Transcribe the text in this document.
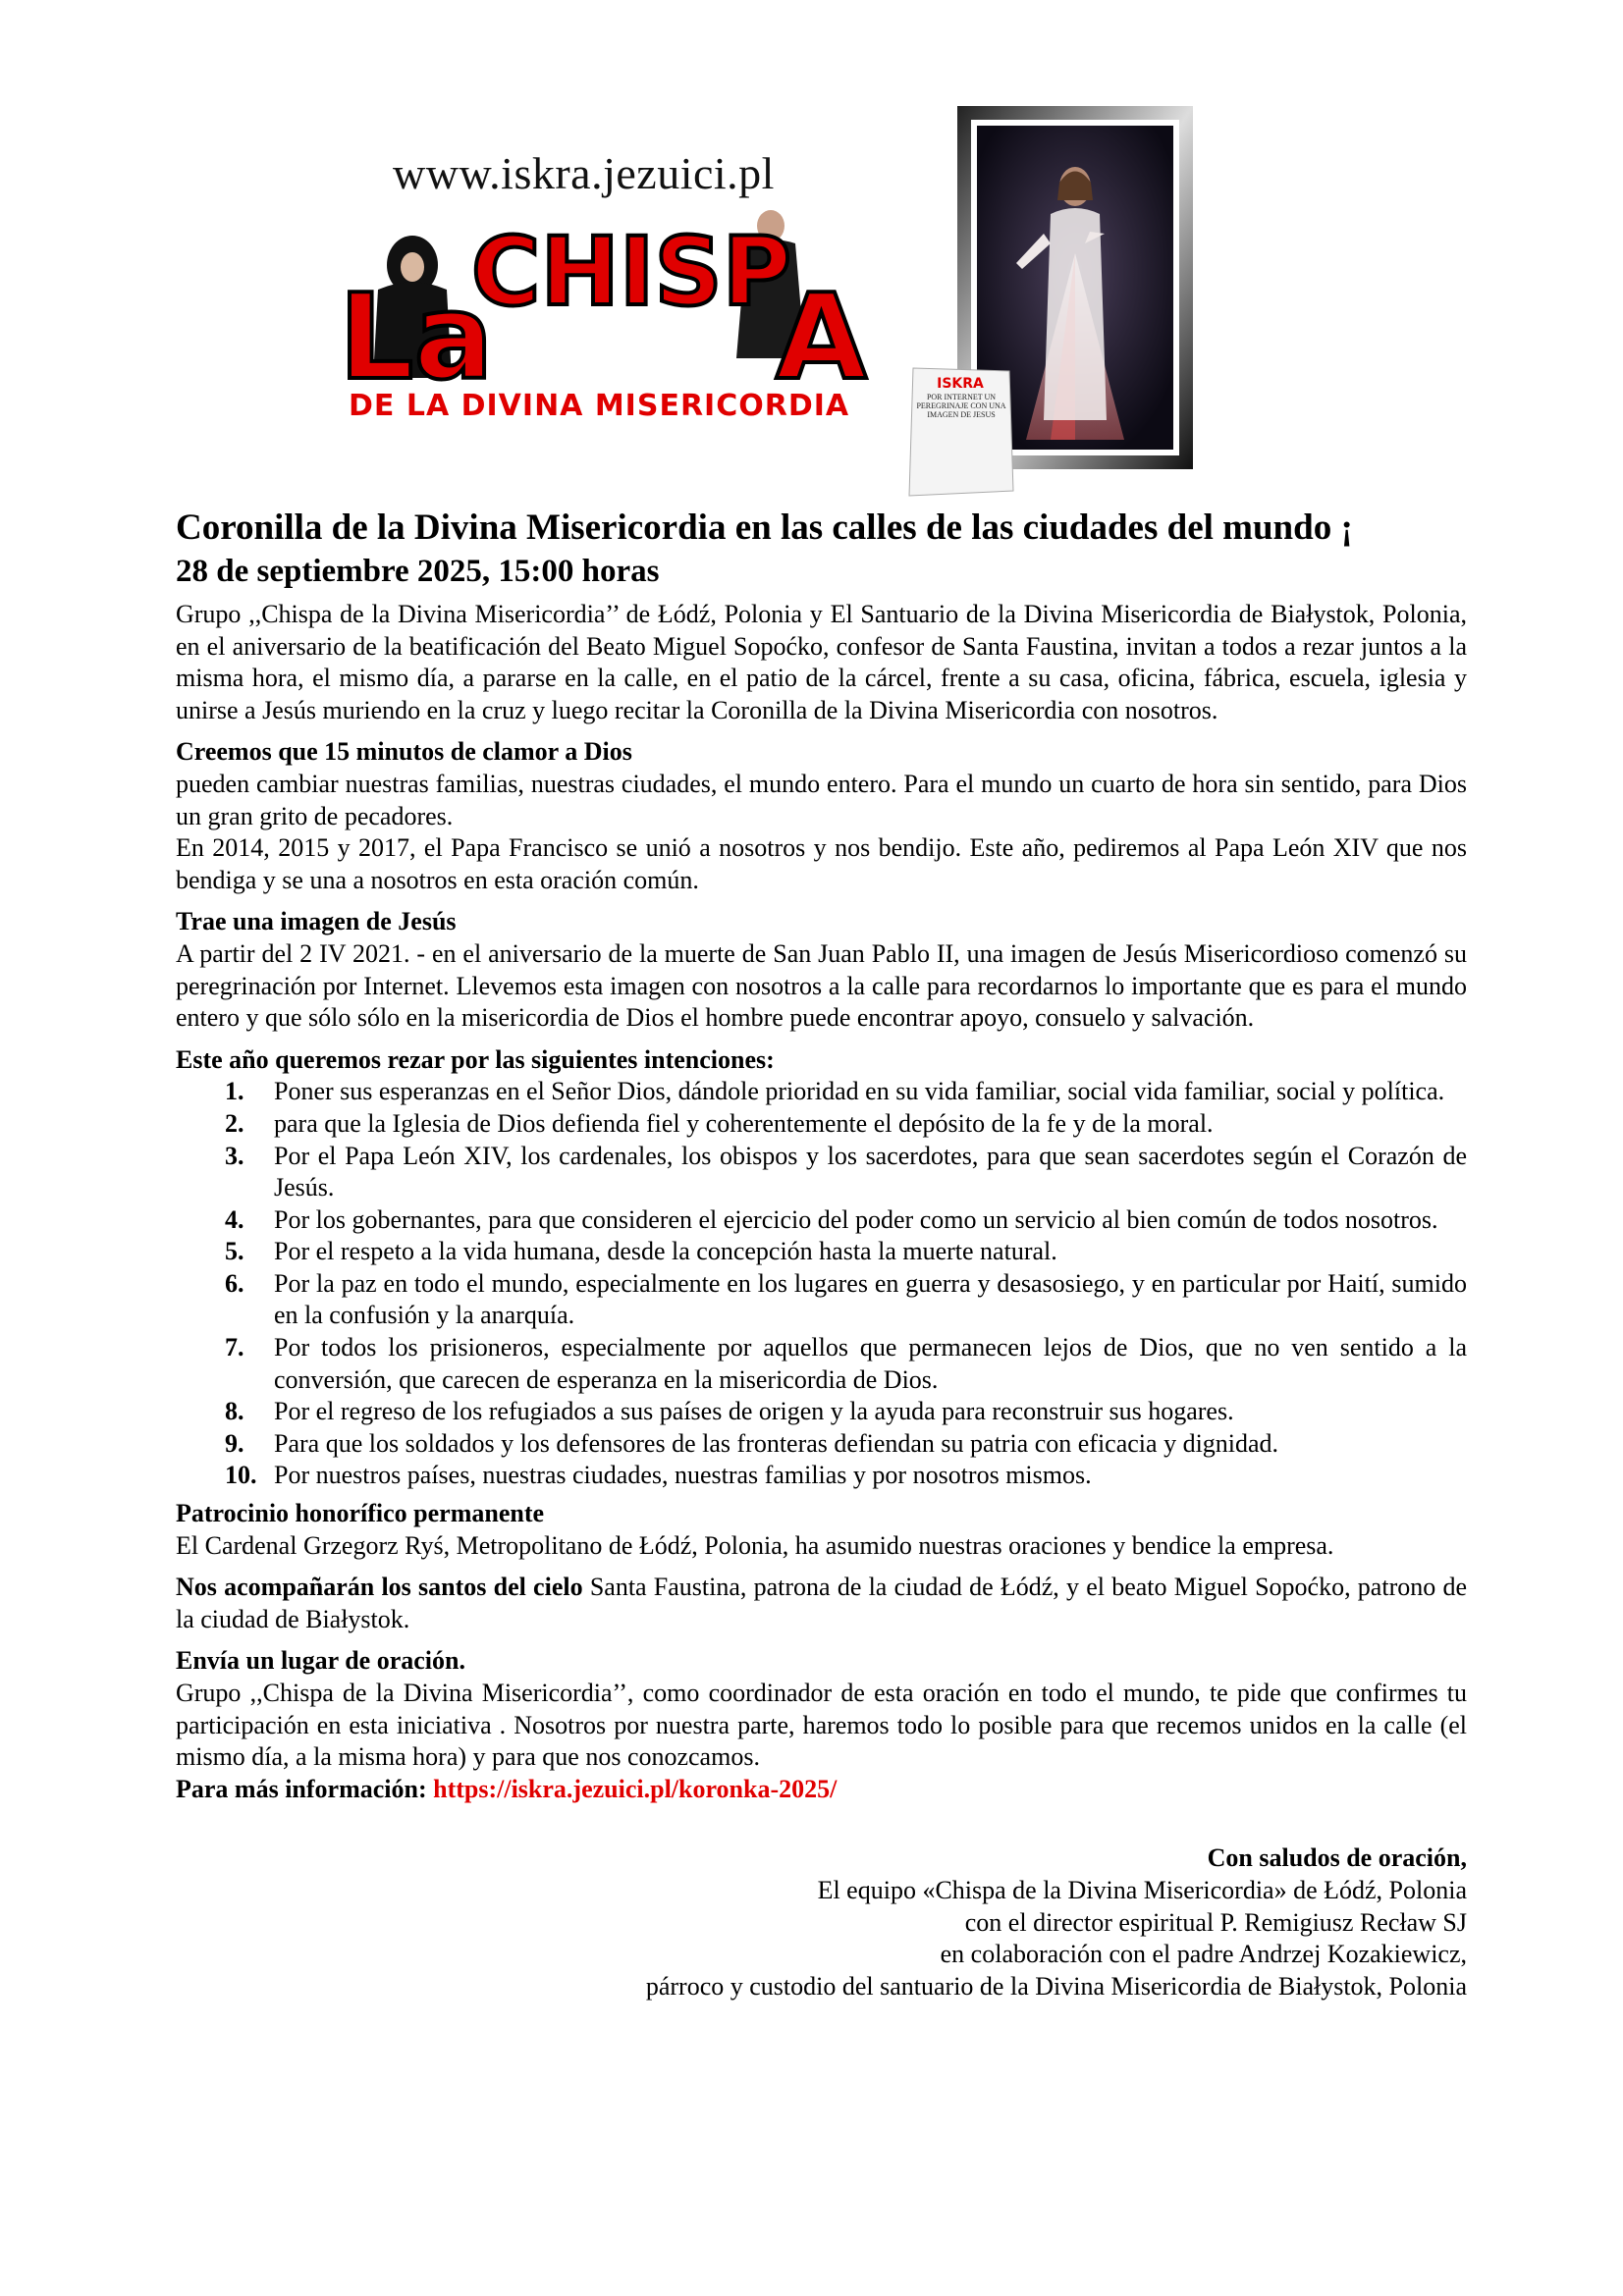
www.iskra.jezuici.pl
La
CHISP
A
DE LA DIVINA MISERICORDIA
ISKRA
POR INTERNET UN PEREGRINAJE CON UNA IMAGEN DE JESUS
Coronilla de la Divina Misericordia en las calles de las ciudades del mundo ¡
28 de septiembre 2025, 15:00 horas

Grupo ,,Chispa de la Divina Misericordia’’ de Łódź, Polonia y El Santuario de la Divina Misericordia de Białystok, Polonia, en el aniversario de la beatificación del Beato Miguel Sopoćko, confesor de Santa Faustina, invitan a todos a rezar juntos a la misma hora, el mismo día, a pararse en la calle, en el patio de la cárcel, frente a su casa, oficina, fábrica, escuela, iglesia y unirse a Jesús muriendo en la cruz y luego recitar la Coronilla de la Divina Misericordia con nosotros.

Creemos que 15 minutos de clamor a Dios

pueden cambiar nuestras familias, nuestras ciudades, el mundo entero. Para el mundo un cuarto de hora sin sentido, para Dios un gran grito de pecadores.

En 2014, 2015 y 2017, el Papa Francisco se unió a nosotros y nos bendijo. Este año, pediremos al Papa León XIV que nos bendiga y se una a nosotros en esta oración común.

Trae una imagen de Jesús

A partir del 2 IV 2021. - en el aniversario de la muerte de San Juan Pablo II, una imagen de Jesús Misericordioso comenzó su peregrinación por Internet. Llevemos esta imagen con nosotros a la calle para recordarnos lo importante que es para el mundo entero y que sólo sólo en la misericordia de Dios el hombre puede encontrar apoyo, consuelo y salvación.

Este año queremos rezar por las siguientes intenciones:
1. Poner sus esperanzas en el Señor Dios, dándole prioridad en su vida familiar, social vida familiar, social y política.
2. para que la Iglesia de Dios defienda fiel y coherentemente el depósito de la fe y de la moral.
3. Por el Papa León XIV, los cardenales, los obispos y los sacerdotes, para que sean sacerdotes según el Corazón de Jesús.
4. Por los gobernantes, para que consideren el ejercicio del poder como un servicio al bien común de todos nosotros.
5. Por el respeto a la vida humana, desde la concepción hasta la muerte natural.
6. Por la paz en todo el mundo, especialmente en los lugares en guerra y desasosiego, y en particular por Haití, sumido en la confusión y la anarquía.
7. Por todos los prisioneros, especialmente por aquellos que permanecen lejos de Dios, que no ven sentido a la conversión, que carecen de esperanza en la misericordia de Dios.
8. Por el regreso de los refugiados a sus países de origen y la ayuda para reconstruir sus hogares.
9. Para que los soldados y los defensores de las fronteras defiendan su patria con eficacia y dignidad.
10. Por nuestros países, nuestras ciudades, nuestras familias y por nosotros mismos.
Patrocinio honorífico permanente

El Cardenal Grzegorz Ryś, Metropolitano de Łódź, Polonia, ha asumido nuestras oraciones y bendice la empresa.

Nos acompañarán los santos del cielo Santa Faustina, patrona de la ciudad de Łódź, y el beato Miguel Sopoćko, patrono de la ciudad de Białystok.

Envía un lugar de oración.

Grupo ,,Chispa de la Divina Misericordia’’, como coordinador de esta oración en todo el mundo, te pide que confirmes tu participación en esta iniciativa . Nosotros por nuestra parte, haremos todo lo posible para que recemos unidos en la calle (el mismo día, a la misma hora) y para que nos conozcamos.

Para más información: https://iskra.jezuici.pl/koronka-2025/
Con saludos de oración,
El equipo «Chispa de la Divina Misericordia» de Łódź, Polonia
con el director espiritual P. Remigiusz Recław SJ
en colaboración con el padre Andrzej Kozakiewicz,
párroco y custodio del santuario de la Divina Misericordia de Białystok, Polonia
